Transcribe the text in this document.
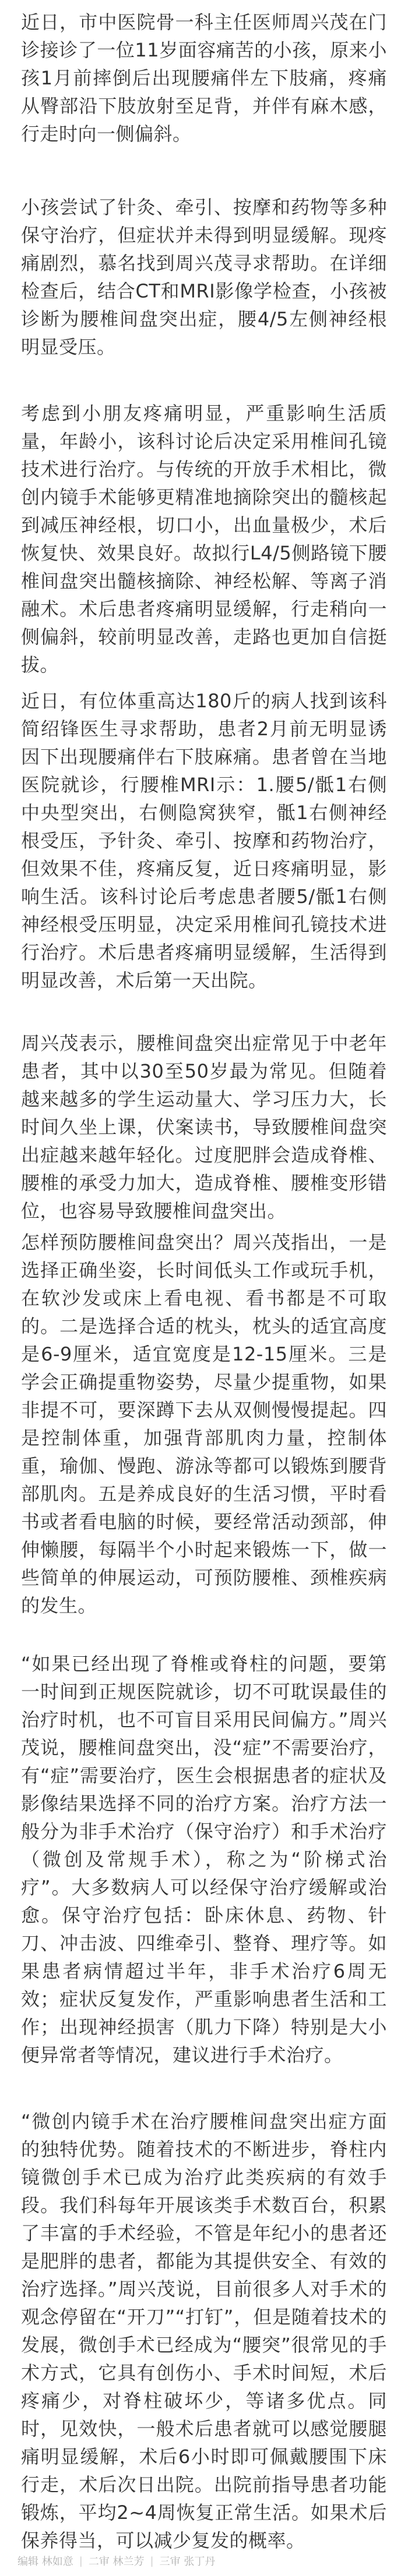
近日，市中医院骨一科主任医师周兴茂在门诊接诊了一位11岁面容痛苦的小孩，原来小孩1月前摔倒后出现腰痛伴左下肢痛，疼痛从臀部沿下肢放射至足背，并伴有麻木感，行走时向一侧偏斜。

小孩尝试了针灸、牵引、按摩和药物等多种保守治疗，但症状并未得到明显缓解。现疼痛剧烈，慕名找到周兴茂寻求帮助。在详细检查后，结合CT和MRI影像学检查，小孩被诊断为腰椎间盘突出症，腰4/5左侧神经根明显受压。

考虑到小朋友疼痛明显，严重影响生活质量，年龄小，该科讨论后决定采用椎间孔镜技术进行治疗。与传统的开放手术相比，微创内镜手术能够更精准地摘除突出的髓核起到减压神经根，切口小，出血量极少，术后恢复快、效果良好。故拟行L4/5侧路镜下腰椎间盘突出髓核摘除、神经松解、等离子消融术。术后患者疼痛明显缓解，行走稍向一侧偏斜，较前明显改善，走路也更加自信挺拔。

近日，有位体重高达180斤的病人找到该科简绍锋医生寻求帮助，患者2月前无明显诱因下出现腰痛伴右下肢麻痛。患者曾在当地医院就诊，行腰椎MRI示：1.腰5/骶1右侧中央型突出，右侧隐窝狭窄，骶1右侧神经根受压，予针灸、牵引、按摩和药物治疗，但效果不佳，疼痛反复，近日疼痛明显，影响生活。该科讨论后考虑患者腰5/骶1右侧神经根受压明显，决定采用椎间孔镜技术进行治疗。术后患者疼痛明显缓解，生活得到明显改善，术后第一天出院。

周兴茂表示，腰椎间盘突出症常见于中老年患者，其中以30至50岁最为常见。但随着越来越多的学生运动量大、学习压力大，长时间久坐上课，伏案读书，导致腰椎间盘突出症越来越年轻化。过度肥胖会造成脊椎、腰椎的承受力加大，造成脊椎、腰椎变形错位，也容易导致腰椎间盘突出。

怎样预防腰椎间盘突出？周兴茂指出，一是选择正确坐姿，长时间低头工作或玩手机，在软沙发或床上看电视、看书都是不可取的。二是选择合适的枕头，枕头的适宜高度是6-9厘米，适宜宽度是12-15厘米。三是学会正确提重物姿势，尽量少提重物，如果非提不可，要深蹲下去从双侧慢慢提起。四是控制体重，加强背部肌肉力量，控制体重，瑜伽、慢跑、游泳等都可以锻炼到腰背部肌肉。五是养成良好的生活习惯，平时看书或者看电脑的时候，要经常活动颈部，伸伸懒腰，每隔半个小时起来锻炼一下，做一些简单的伸展运动，可预防腰椎、颈椎疾病的发生。

“如果已经出现了脊椎或脊柱的问题，要第一时间到正规医院就诊，切不可耽误最佳的治疗时机，也不可盲目采用民间偏方。”周兴茂说，腰椎间盘突出，没“症”不需要治疗，有“症”需要治疗，医生会根据患者的症状及影像结果选择不同的治疗方案。治疗方法一般分为非手术治疗（保守治疗）和手术治疗（微创及常规手术），称之为“阶梯式治疗”。大多数病人可以经保守治疗缓解或治愈。保守治疗包括：卧床休息、药物、针刀、冲击波、四维牵引、整脊、理疗等。如果患者病情超过半年，非手术治疗6周无效；症状反复发作，严重影响患者生活和工作；出现神经损害（肌力下降）特别是大小便异常者等情况，建议进行手术治疗。

“微创内镜手术在治疗腰椎间盘突出症方面的独特优势。随着技术的不断进步，脊柱内镜微创手术已成为治疗此类疾病的有效手段。我们科每年开展该类手术数百台，积累了丰富的手术经验，不管是年纪小的患者还是肥胖的患者，都能为其提供安全、有效的治疗选择。”周兴茂说，目前很多人对手术的观念停留在“开刀”“打钉”，但是随着技术的发展，微创手术已经成为“腰突”很常见的手术方式，它具有创伤小、手术时间短，术后疼痛少，对脊柱破坏少，等诸多优点。同时，见效快，一般术后患者就可以感觉腰腿痛明显缓解，术后6小时即可佩戴腰围下床行走，术后次日出院。出院前指导患者功能锻炼，平均2~4周恢复正常生活。如果术后保养得当，可以减少复发的概率。

编辑 林如意 | 二审 林兰芳 | 三审 张丁丹
